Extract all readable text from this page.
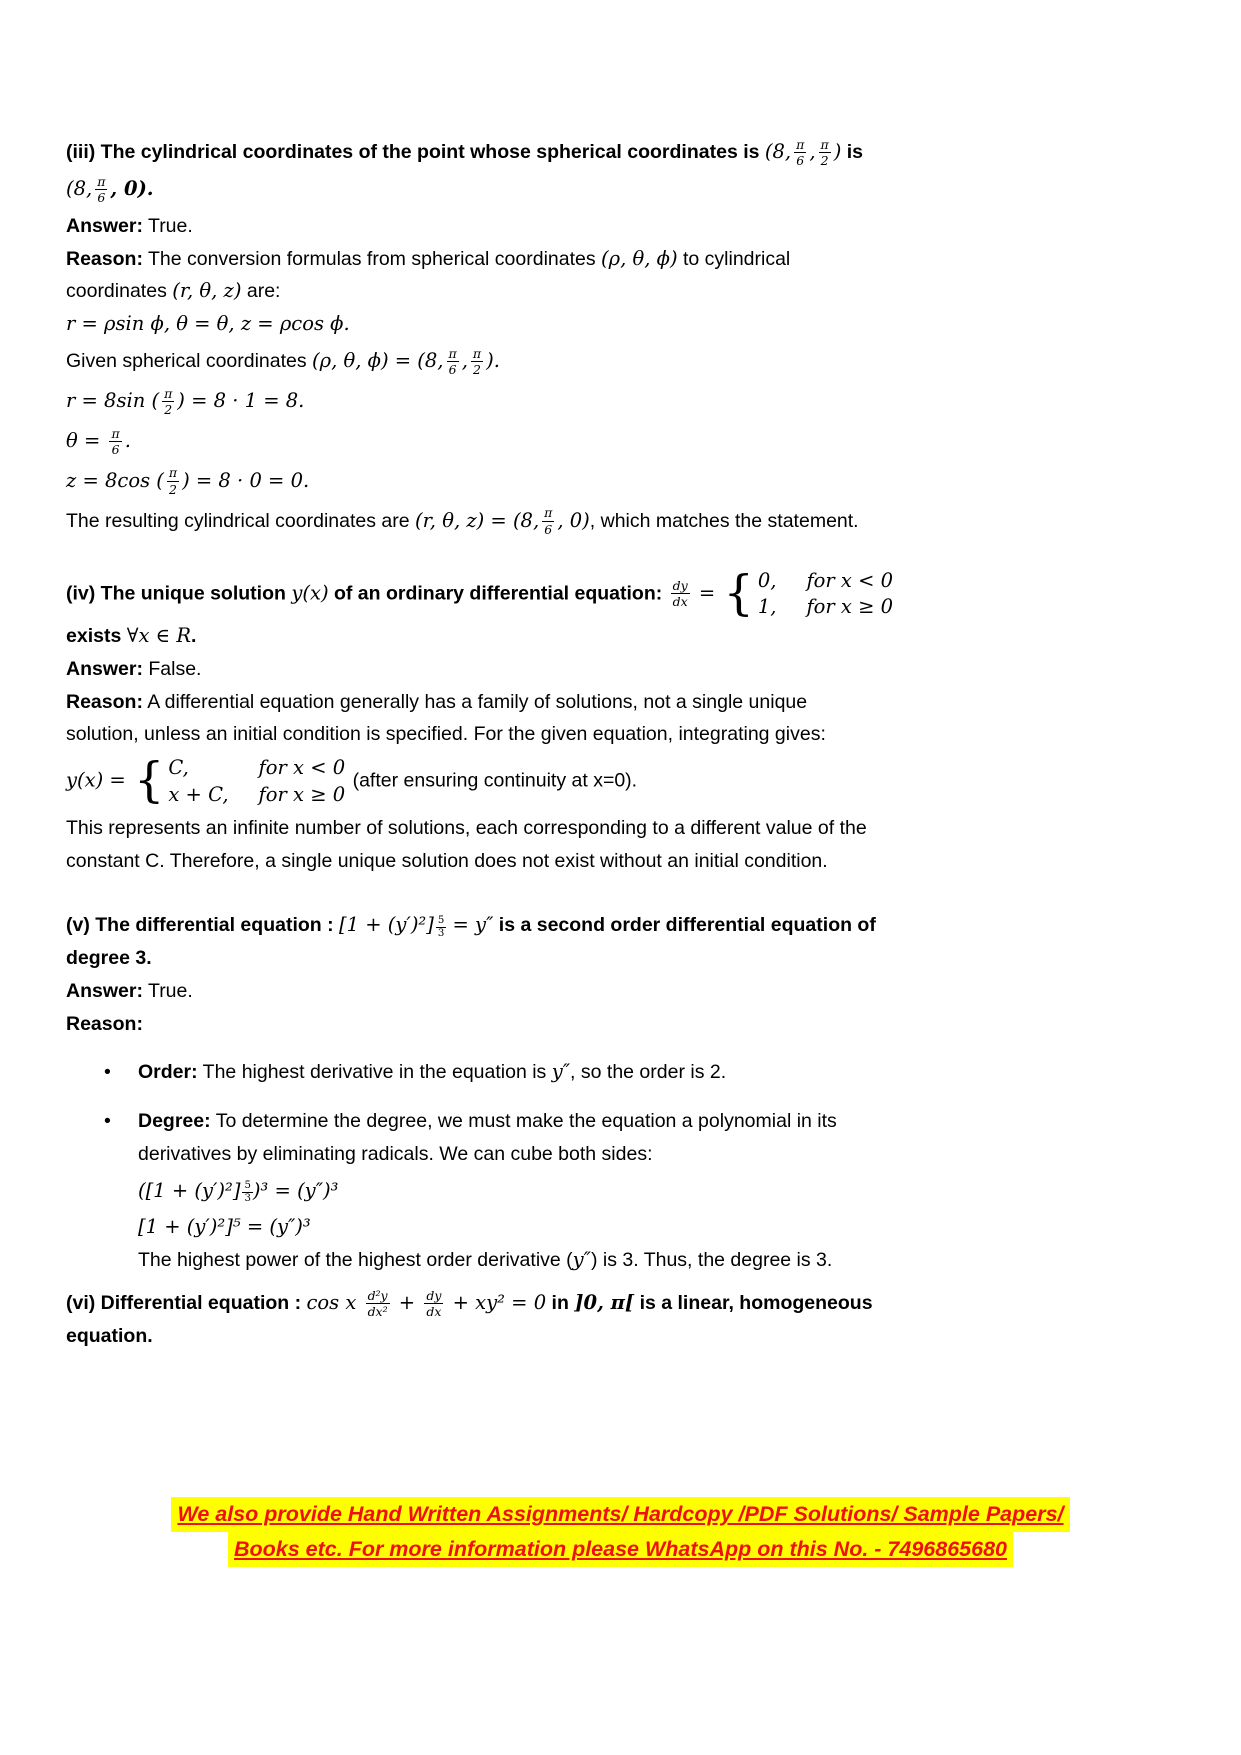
(iii) The cylindrical coordinates of the point whose spherical coordinates is (8, $\frac{\pi}{6}$ , $\frac{\pi}{2}$ ) is
(8, $\frac{\pi}{6}$ , 0).
Answer: True.
Reason: The conversion formulas from spherical coordinates (ρ, θ, ϕ) to cylindrical
coordinates (r, θ, z) are:
r = ρsin ϕ, θ = θ, z = ρcos ϕ.
Given spherical coordinates (ρ, θ, ϕ) = (8, $\frac{\pi}{6}$ , $\frac{\pi}{2}$ ).
r = 8sin ( $\frac{\pi}{2}$ ) = 8 · 1 = 8.
$\theta = \frac{\pi}{6}$ .
z = 8cos ( $\frac{\pi}{2}$ ) = 8 · 0 = 0.
The resulting cylindrical coordinates are (r, θ, z) = (8, $\frac{\pi}{6}$ , 0), which matches the statement.
(iv) The unique solution y(x) of an ordinary differential equation: $\frac{dy}{dx}$ = { 0, for x < 0
1, for x ≥ 0
exists ∀x ∈ R.
Answer: False.
Reason: A differential equation generally has a family of solutions, not a single unique
solution, unless an initial condition is specified. For the given equation, integrating gives:
y(x) = { C,	for x < 0
x + C, for x ≥ 0
(after ensuring continuity at x=0).
This represents an infinite number of solutions, each corresponding to a different value of the
constant C. Therefore, a single unique solution does not exist without an initial condition.
(v) The differential equation : $[1 + (y')^2] \frac{5}{3} = y''$ is a second order differential equation of
degree 3.
Answer: True.
Reason:
•	Order: The highest derivative in the equation is y″, so the order is 2.
•	Degree: To determine the degree, we must make the equation a polynomial in its
derivatives by eliminating radicals. We can cube both sides:
$([1 + (y')^2] \frac{5}{3} )^3 = (y'')^3$
[1 + (y′)²]⁵ = (y″)³
The highest power of the highest order derivative (y″) is 3. Thus, the degree is 3.
(vi) Differential equation : cos x $\frac{\text{d²y}}{\text{dx²}} + \frac{dy}{dx} + xy^2 = 0$ in ]0, π[ is a linear, homogeneous
equation.
We also provide Hand Written Assignments/ Hardcopy /PDF Solutions/ Sample Papers/
Books etc. For more information please WhatsApp on this No. - 7496865680
